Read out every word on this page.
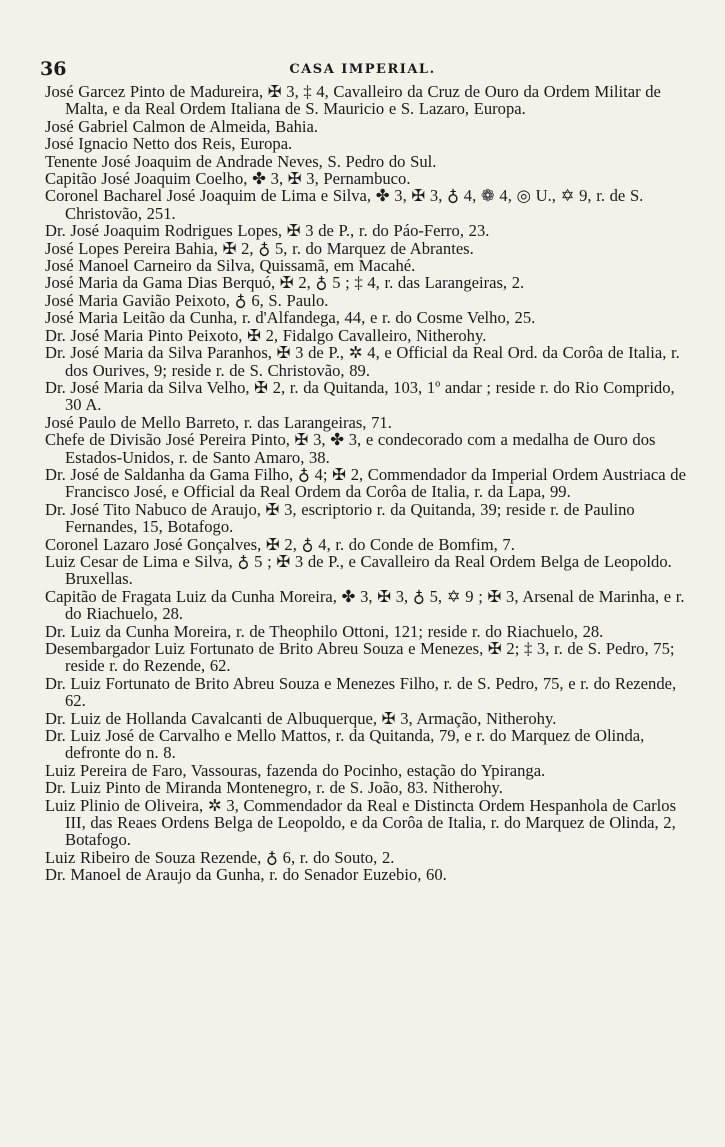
36	CASA IMPERIAL.

José Garcez Pinto de Madureira, ✠ 3, ‡ 4, Cavalleiro da Cruz de Ouro da Ordem Militar de Malta, e da Real Ordem Italiana de S. Mauricio e S. Lazaro, Europa.

José Gabriel Calmon de Almeida, Bahia.

José Ignacio Netto dos Reis, Europa.

Tenente José Joaquim de Andrade Neves, S. Pedro do Sul.

Capitão José Joaquim Coelho, ✤ 3, ✠ 3, Pernambuco.

Coronel Bacharel José Joaquim de Lima e Silva, ✤ 3, ✠ 3, ♁ 4, ❁ 4, ◎ U., ✡ 9, r. de S. Christovão, 251.

Dr. José Joaquim Rodrigues Lopes, ✠ 3 de P., r. do Páo-Ferro, 23.

José Lopes Pereira Bahia, ✠ 2, ♁ 5, r. do Marquez de Abrantes.

José Manoel Carneiro da Silva, Quissamã, em Macahé.

José Maria da Gama Dias Berquó, ✠ 2, ♁ 5 ; ‡ 4, r. das Larangeiras, 2.

José Maria Gavião Peixoto, ♁ 6, S. Paulo.

José Maria Leitão da Cunha, r. d'Alfandega, 44, e r. do Cosme Velho, 25.

Dr. José Maria Pinto Peixoto, ✠ 2, Fidalgo Cavalleiro, Nitherohy.

Dr. José Maria da Silva Paranhos, ✠ 3 de P., ✲ 4, e Official da Real Ord. da Corôa de Italia, r. dos Ourives, 9; reside r. de S. Christovão, 89.

Dr. José Maria da Silva Velho, ✠ 2, r. da Quitanda, 103, 1º andar ; reside r. do Rio Comprido, 30 A.

José Paulo de Mello Barreto, r. das Larangeiras, 71.

Chefe de Divisão José Pereira Pinto, ✠ 3, ✤ 3, e condecorado com a medalha de Ouro dos Estados-Unidos, r. de Santo Amaro, 38.

Dr. José de Saldanha da Gama Filho, ♁ 4; ✠ 2, Commendador da Imperial Ordem Austriaca de Francisco José, e Official da Real Ordem da Corôa de Italia, r. da Lapa, 99.

Dr. José Tito Nabuco de Araujo, ✠ 3, escriptorio r. da Quitanda, 39; reside r. de Paulino Fernandes, 15, Botafogo.

Coronel Lazaro José Gonçalves, ✠ 2, ♁ 4, r. do Conde de Bomfim, 7.

Luiz Cesar de Lima e Silva, ♁ 5 ; ✠ 3 de P., e Cavalleiro da Real Ordem Belga de Leopoldo. Bruxellas.

Capitão de Fragata Luiz da Cunha Moreira, ✤ 3, ✠ 3, ♁ 5, ✡ 9 ; ✠ 3, Arsenal de Marinha, e r. do Riachuelo, 28.

Dr. Luiz da Cunha Moreira, r. de Theophilo Ottoni, 121; reside r. do Riachuelo, 28.

Desembargador Luiz Fortunato de Brito Abreu Souza e Menezes, ✠ 2; ‡ 3, r. de S. Pedro, 75; reside r. do Rezende, 62.

Dr. Luiz Fortunato de Brito Abreu Souza e Menezes Filho, r. de S. Pedro, 75, e r. do Rezende, 62.

Dr. Luiz de Hollanda Cavalcanti de Albuquerque, ✠ 3, Armação, Nitherohy.

Dr. Luiz José de Carvalho e Mello Mattos, r. da Quitanda, 79, e r. do Marquez de Olinda, defronte do n. 8.

Luiz Pereira de Faro, Vassouras, fazenda do Pocinho, estação do Ypiranga.

Dr. Luiz Pinto de Miranda Montenegro, r. de S. João, 83. Nitherohy.

Luiz Plinio de Oliveira, ✲ 3, Commendador da Real e Distincta Ordem Hespanhola de Carlos III, das Reaes Ordens Belga de Leopoldo, e da Corôa de Italia, r. do Marquez de Olinda, 2, Botafogo.

Luiz Ribeiro de Souza Rezende, ♁ 6, r. do Souto, 2.

Dr. Manoel de Araujo da Gunha, r. do Senador Euzebio, 60.
